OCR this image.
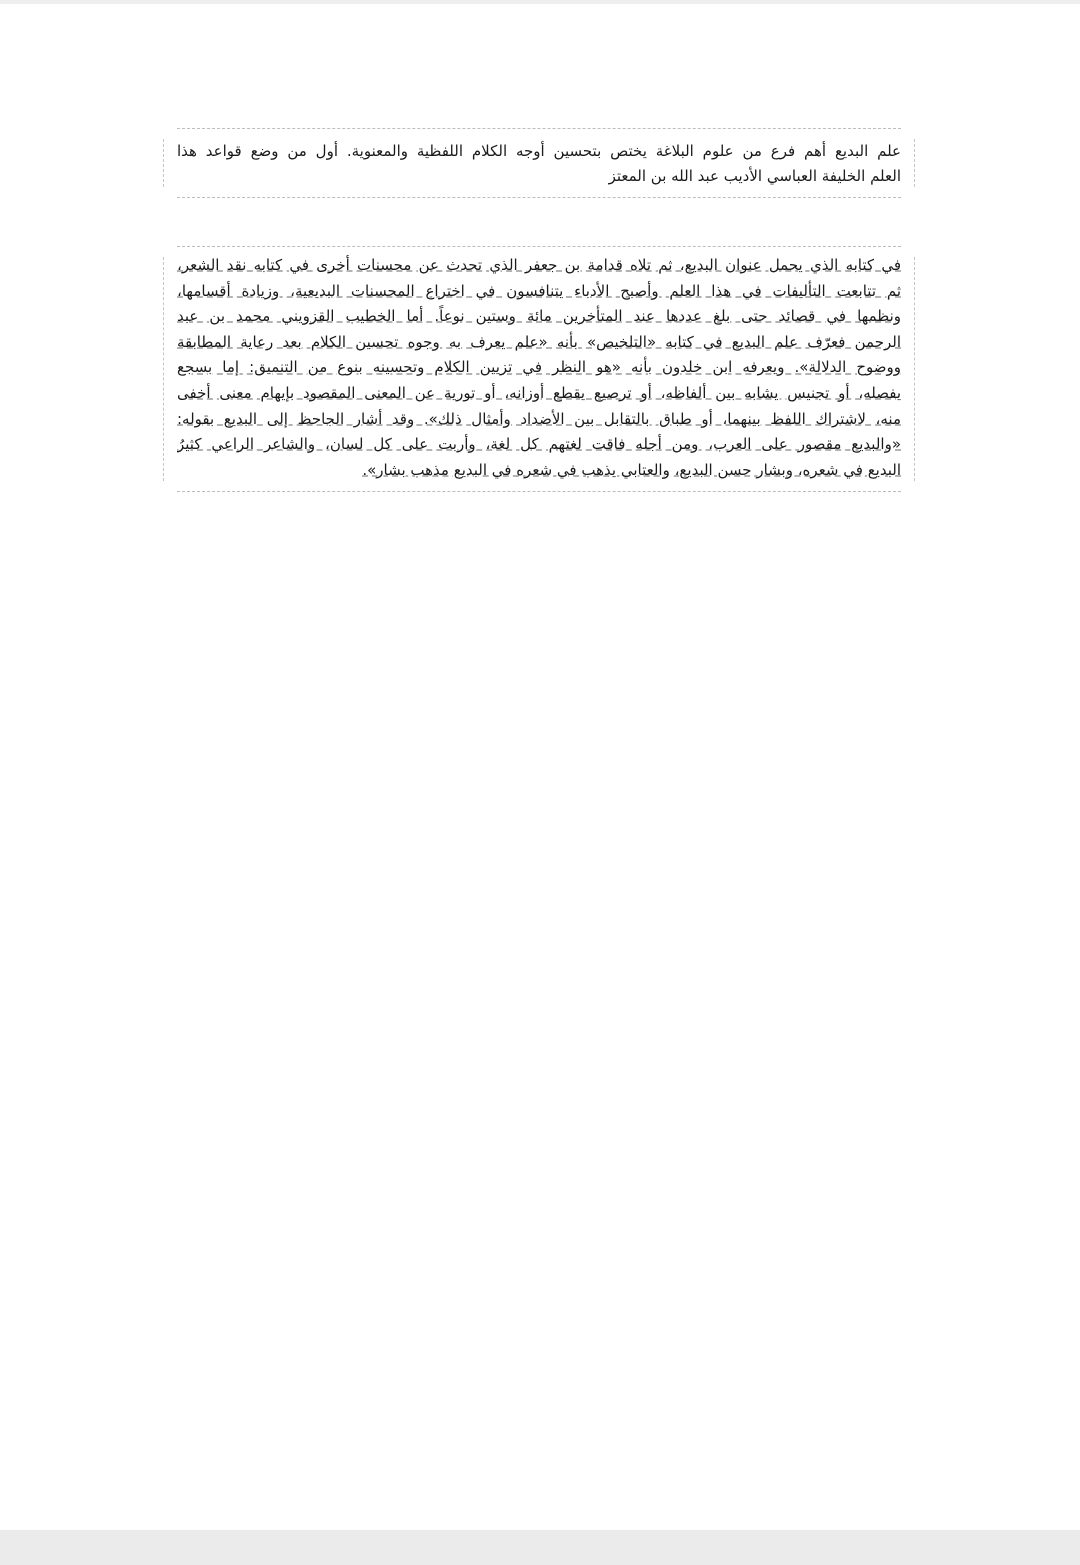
علم البديع أهم فرع من علوم البلاغة يختص بتحسين أوجه الكلام اللفظية والمعنوية. أول من وضع قواعد هذا
العلم الخليفة العباسي الأديب عبد الله بن المعتز
في كتابه الذي يحمل عنوان البديع، ثم تلاه قدامة بن جعفر الذي تحدث عن محسنات أخرى في كتابه نقد الشعر،
ثم تتابعت التأليفات في هذا العلم وأصبح الأدباء يتنافسون في اختراع المحسنات البديعية، وزيادة أقسامها،
ونظمها في قصائد حتى بلغ عددها عند المتأخرين مائة وستين نوعاً. أما الخطيب القزويني محمد بن عبد
الرحمن فعرّف علم البديع في كتابه «التلخيص» بأنه «علم يعرف به وجوه تحسين الكلام بعد رعاية المطابقة
ووضوح الدلالة». ويعرفه ابن خلدون بأنه «هو النظر في تزيين الكلام وتحسينه بنوع من التنميق: إما بسجع
يفصله، أو تجنيس يشابه بين ألفاظه، أو ترصيع يقطع أوزانه، أو تورية عن المعنى المقصود بإيهام معنى أخفى
منه، لاشتراك اللفظ بينهما، أو طباق بالتقابل بين الأضداد وأمثال ذلك». وقد أشار الجاحظ إلى البديع بقوله:
«والبديع مقصور على العرب، ومن أجله فاقت لغتهم كل لغة، وأربت على كل لسان، والشاعر الراعي كثيرُ
البديع في شعره، وبشار حسن البديع، والعتابي يذهب في شعره في البديع مذهب بشار».
